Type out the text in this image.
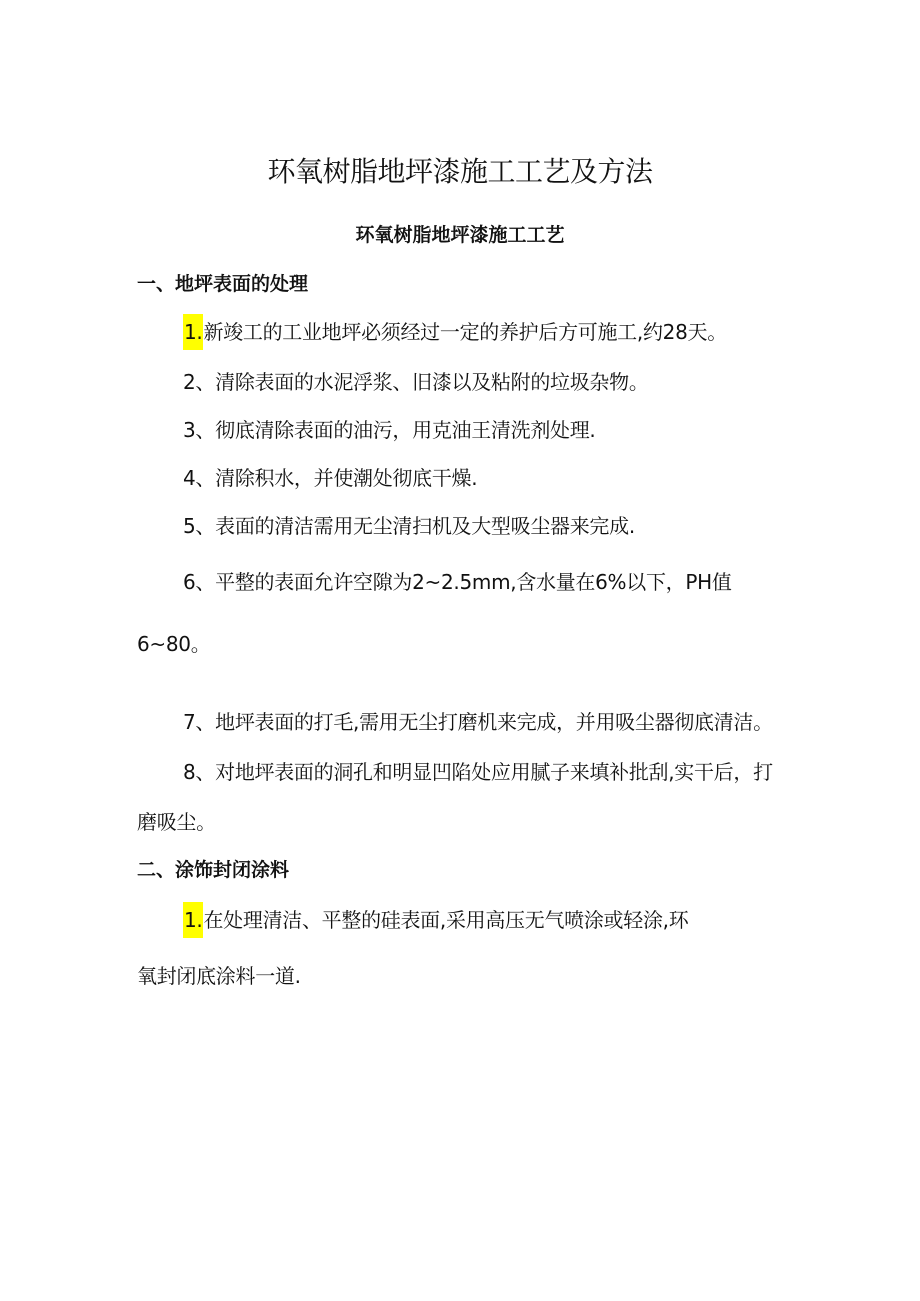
环氧树脂地坪漆施工工艺及方法
环氧树脂地坪漆施工工艺
一、地坪表面的处理
1.新竣工的工业地坪必须经过一定的养护后方可施工,约28天。
2、清除表面的水泥浮浆、旧漆以及粘附的垃圾杂物。
3、彻底清除表面的油污，用克油王清洗剂处理.
4、清除积水，并使潮处彻底干燥.
5、表面的清洁需用无尘清扫机及大型吸尘器来完成.
6、平整的表面允许空隙为2~2.5mm,含水量在6%以下，PH值
6~80。
7、地坪表面的打毛,需用无尘打磨机来完成，并用吸尘器彻底清洁。
8、对地坪表面的洞孔和明显凹陷处应用腻子来填补批刮,实干后，打
磨吸尘。
二、涂饰封闭涂料
1.在处理清洁、平整的硅表面,采用高压无气喷涂或轻涂,环
氧封闭底涂料一道.
